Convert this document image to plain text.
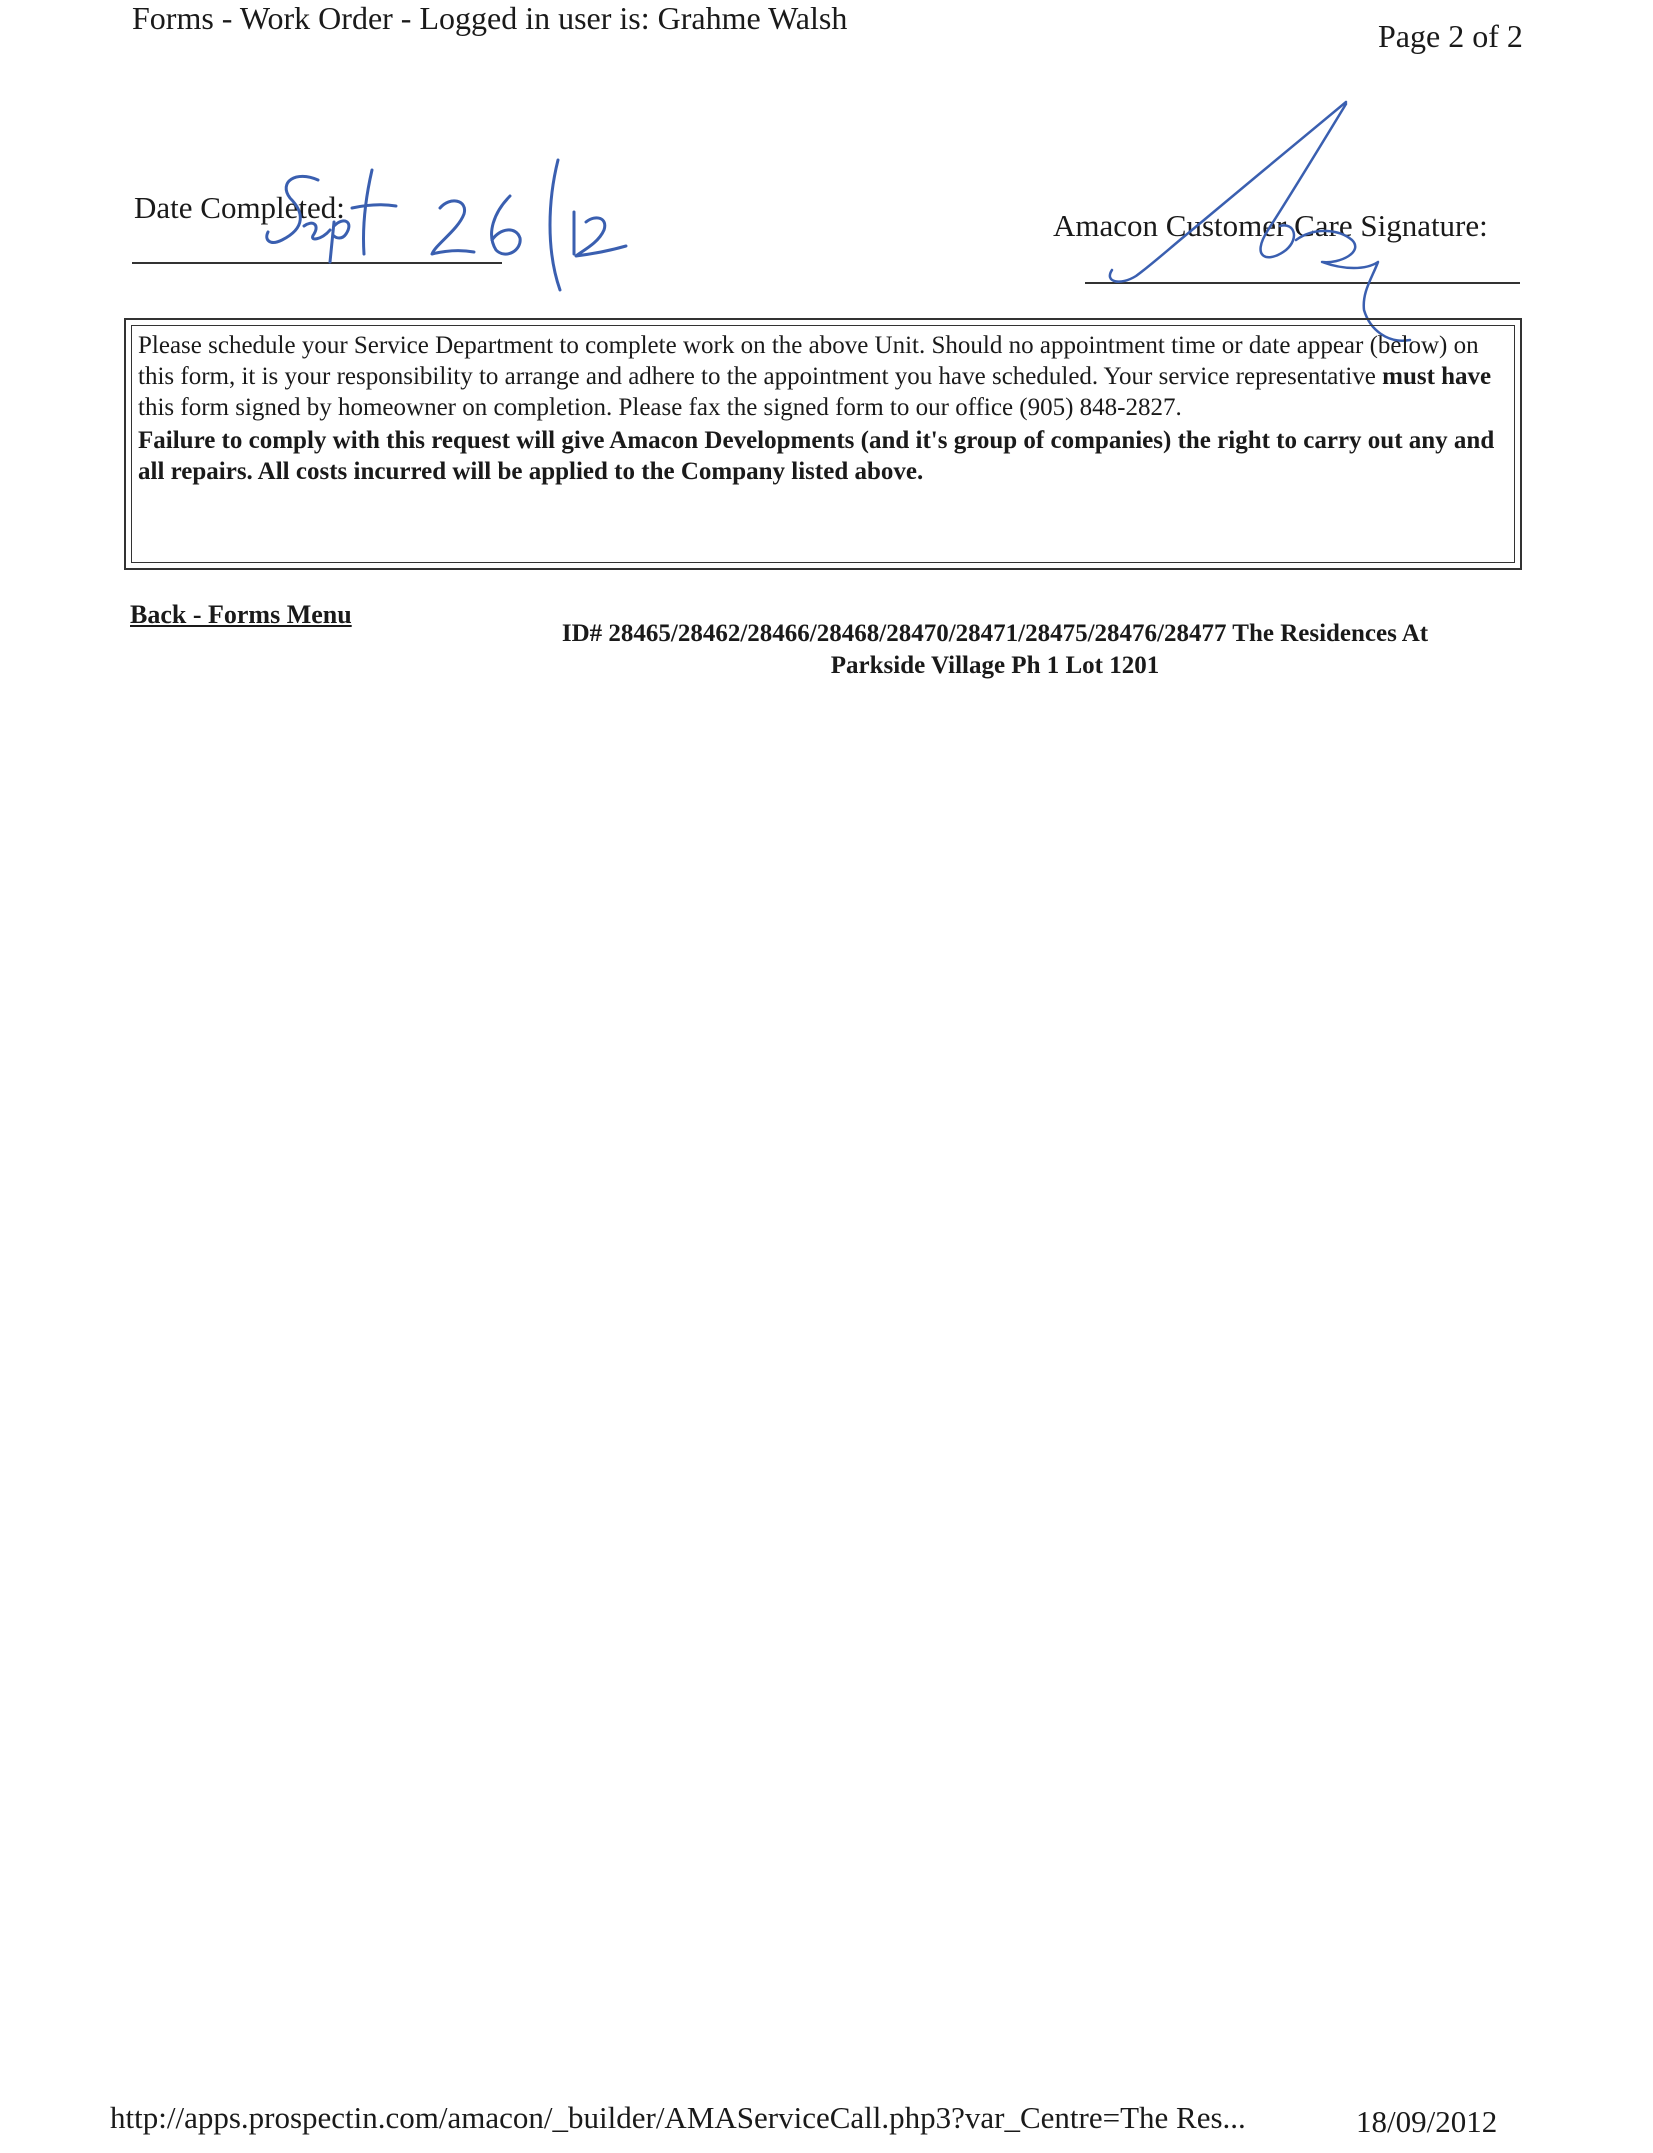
Forms - Work Order - Logged in user is: Grahme Walsh	Page 2 of 2
Date Completed:
Amacon Customer Care Signature:

Please schedule your Service Department to complete work on the above Unit. Should no appointment time or date appear (below) on this form, it is your responsibility to arrange and adhere to the appointment you have scheduled. Your service representative must have this form signed by homeowner on completion. Please fax the signed form to our office (905) 848-2827.

Failure to comply with this request will give Amacon Developments (and it's group of companies) the right to carry out any and all repairs. All costs incurred will be applied to the Company listed above.

Back - Forms Menu
ID# 28465/28462/28466/28468/28470/28471/28475/28476/28477 The Residences At
Parkside Village Ph 1 Lot 1201
http://apps.prospectin.com/amacon/_builder/AMAServiceCall.php3?var_Centre=The Res...	18/09/2012
